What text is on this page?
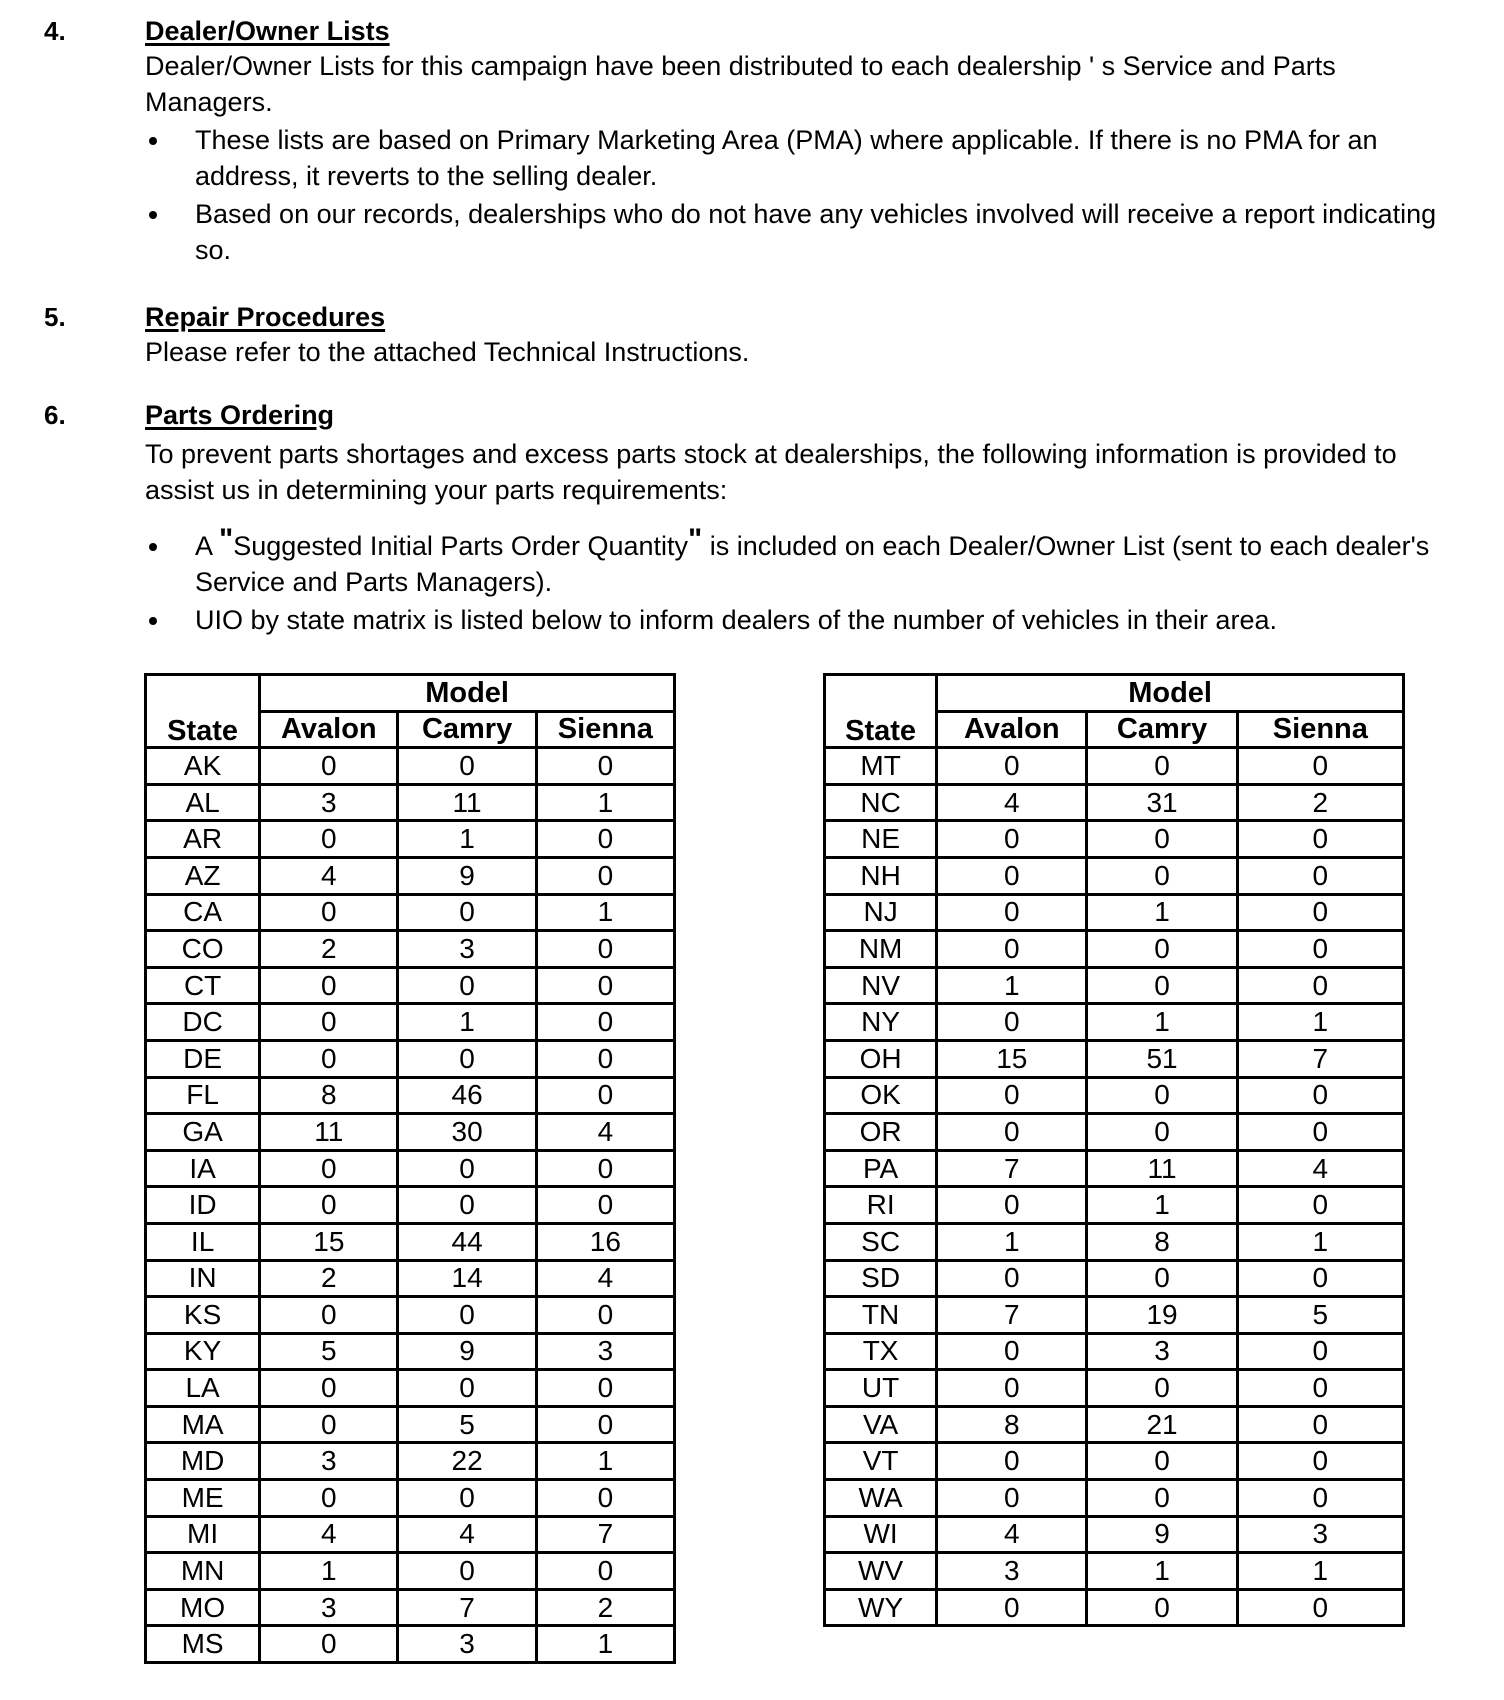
4.	Dealer/Owner Lists
Dealer/Owner Lists for this campaign have been distributed to each dealership ' s Service and Parts Managers.
These lists are based on Primary Marketing Area (PMA) where applicable. If there is no PMA for an address, it reverts to the selling dealer.
Based on our records, dealerships who do not have any vehicles involved will receive a report indicating so.
5.	Repair Procedures
Please refer to the attached Technical Instructions.
6.	Parts Ordering
To prevent parts shortages and excess parts stock at dealerships, the following information is provided to assist us in determining your parts requirements:
A "Suggested Initial Parts Order Quantity" is included on each Dealer/Owner List (sent to each dealer's Service and Parts Managers).
UIO by state matrix is listed below to inform dealers of the number of vehicles in their area.
State	Model		
	Avalon	Camry	Sienna
AK	0	0	0
AL	3	11	1
AR	0	1	0
AZ	4	9	0
CA	0	0	1
CO	2	3	0
CT	0	0	0
DC	0	1	0
DE	0	0	0
FL	8	46	0
GA	11	30	4
IA	0	0	0
ID	0	0	0
IL	15	44	16
IN	2	14	4
KS	0	0	0
KY	5	9	3
LA	0	0	0
MA	0	5	0
MD	3	22	1
ME	0	0	0
MI	4	4	7
MN	1	0	0
MO	3	7	2
MS	0	3	1
State	Model		
	Avalon	Camry	Sienna
MT	0	0	0
NC	4	31	2
NE	0	0	0
NH	0	0	0
NJ	0	1	0
NM	0	0	0
NV	1	0	0
NY	0	1	1
OH	15	51	7
OK	0	0	0
OR	0	0	0
PA	7	11	4
RI	0	1	0
SC	1	8	1
SD	0	0	0
TN	7	19	5
TX	0	3	0
UT	0	0	0
VA	8	21	0
VT	0	0	0
WA	0	0	0
WI	4	9	3
WV	3	1	1
WY	0	0	0
